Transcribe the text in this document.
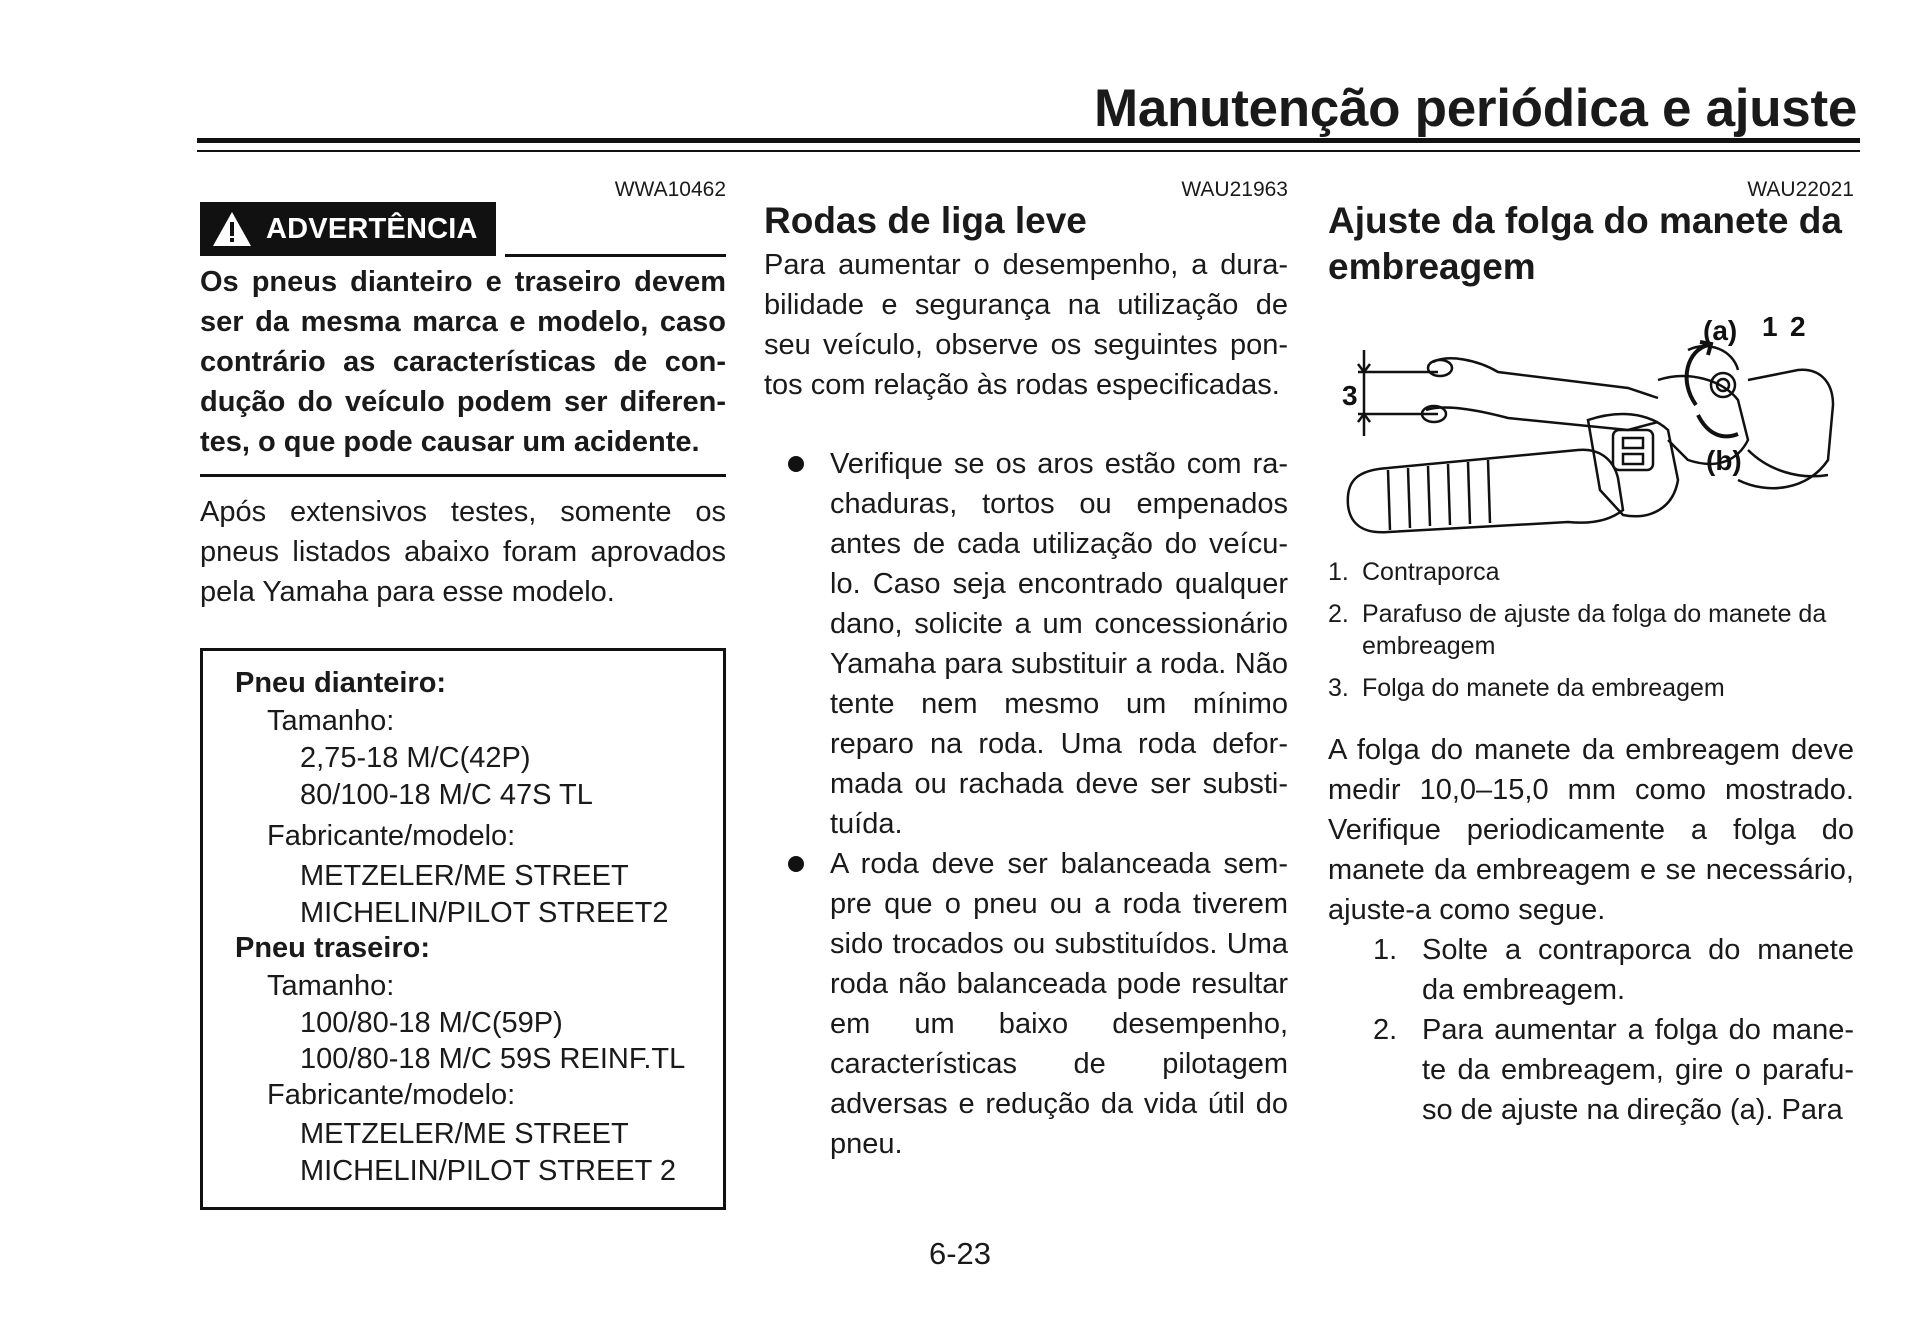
Manutenção periódica e ajuste
WWA10462
ADVERTÊNCIA

Os pneus dianteiro e traseiro devem ser da mesma marca e modelo, caso contrário as características de condução do veículo podem ser diferentes, o que pode causar um acidente.

Após extensivos testes, somente os pneus listados abaixo foram aprovados pela Yamaha para esse modelo.

Pneu dianteiro:
Tamanho:
2,75-18 M/C(42P)
80/100-18 M/C 47S TL
Fabricante/modelo:
METZELER/ME STREET
MICHELIN/PILOT STREET2
Pneu traseiro:
Tamanho:
100/80-18 M/C(59P)
100/80-18 M/C 59S REINF.TL
Fabricante/modelo:
METZELER/ME STREET
MICHELIN/PILOT STREET 2
WAU21963
Rodas de liga leve

Para aumentar o desempenho, a durabilidade e segurança na utilização de seu veículo, observe os seguintes pontos com relação às rodas especificadas.

Verifique se os aros estão com rachaduras, tortos ou empenados antes de cada utilização do veículo. Caso seja encontrado qualquer dano, solicite a um concessionário Yamaha para substituir a roda. Não tente nem mesmo um mínimo reparo na roda. Uma roda deformada ou rachada deve ser substituída.
A roda deve ser balanceada sempre que o pneu ou a roda tiverem sido trocados ou substituídos. Uma roda não balanceada pode resultar em um baixo desempenho, características de pilotagem adversas e redução da vida útil do pneu.
WAU22021
Ajuste da folga do manete da embreagem
3
(a) 1 2
(b)
1. Contraporca
2. Parafuso de ajuste da folga do manete da embreagem
3. Folga do manete da embreagem

A folga do manete da embreagem deve medir 10,0–15,0 mm como mostrado. Verifique periodicamente a folga do manete da embreagem e se necessário, ajuste-a como segue.

1. Solte a contraporca do manete da embreagem.
2. Para aumentar a folga do manete da embreagem, gire o parafuso de ajuste na direção (a). Para
6-23
